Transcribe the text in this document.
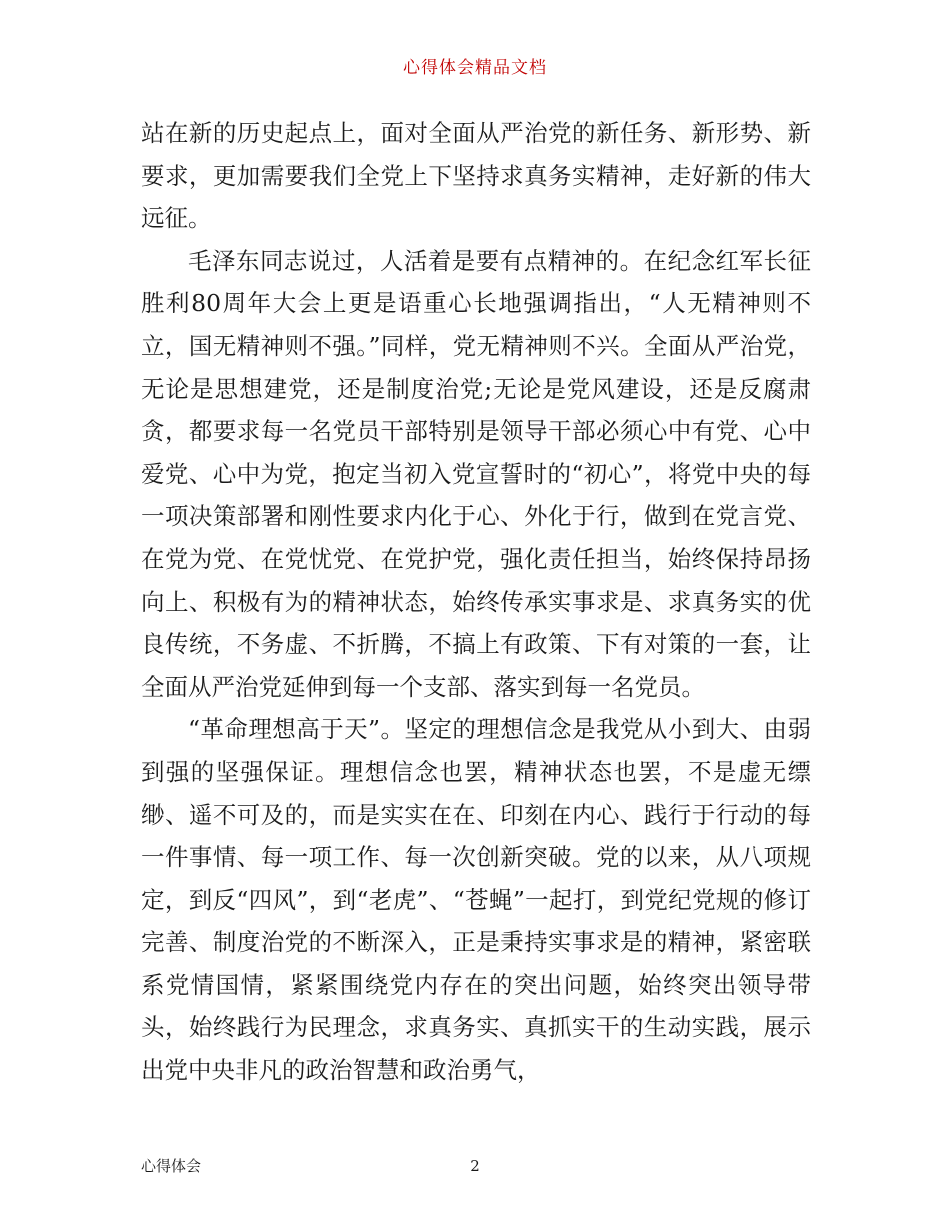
心得体会精品文档

站在新的历史起点上，面对全面从严治党的新任务、新形势、新要求，更加需要我们全党上下坚持求真务实精神，走好新的伟大远征。

毛泽东同志说过，人活着是要有点精神的。在纪念红军长征胜利80周年大会上更是语重心长地强调指出，“人无精神则不立，国无精神则不强。”同样，党无精神则不兴。全面从严治党，无论是思想建党，还是制度治党;无论是党风建设，还是反腐肃贪，都要求每一名党员干部特别是领导干部必须心中有党、心中爱党、心中为党，抱定当初入党宣誓时的“初心”，将党中央的每一项决策部署和刚性要求内化于心、外化于行，做到在党言党、在党为党、在党忧党、在党护党，强化责任担当，始终保持昂扬向上、积极有为的精神状态，始终传承实事求是、求真务实的优良传统，不务虚、不折腾，不搞上有政策、下有对策的一套，让全面从严治党延伸到每一个支部、落实到每一名党员。

“革命理想高于天”。坚定的理想信念是我党从小到大、由弱到强的坚强保证。理想信念也罢，精神状态也罢，不是虚无缥缈、遥不可及的，而是实实在在、印刻在内心、践行于行动的每一件事情、每一项工作、每一次创新突破。党的以来，从八项规定，到反“四风”，到“老虎”、“苍蝇”一起打，到党纪党规的修订完善、制度治党的不断深入，正是秉持实事求是的精神，紧密联系党情国情，紧紧围绕党内存在的突出问题，始终突出领导带头，始终践行为民理念，求真务实、真抓实干的生动实践，展示出党中央非凡的政治智慧和政治勇气，

心得体会	2
